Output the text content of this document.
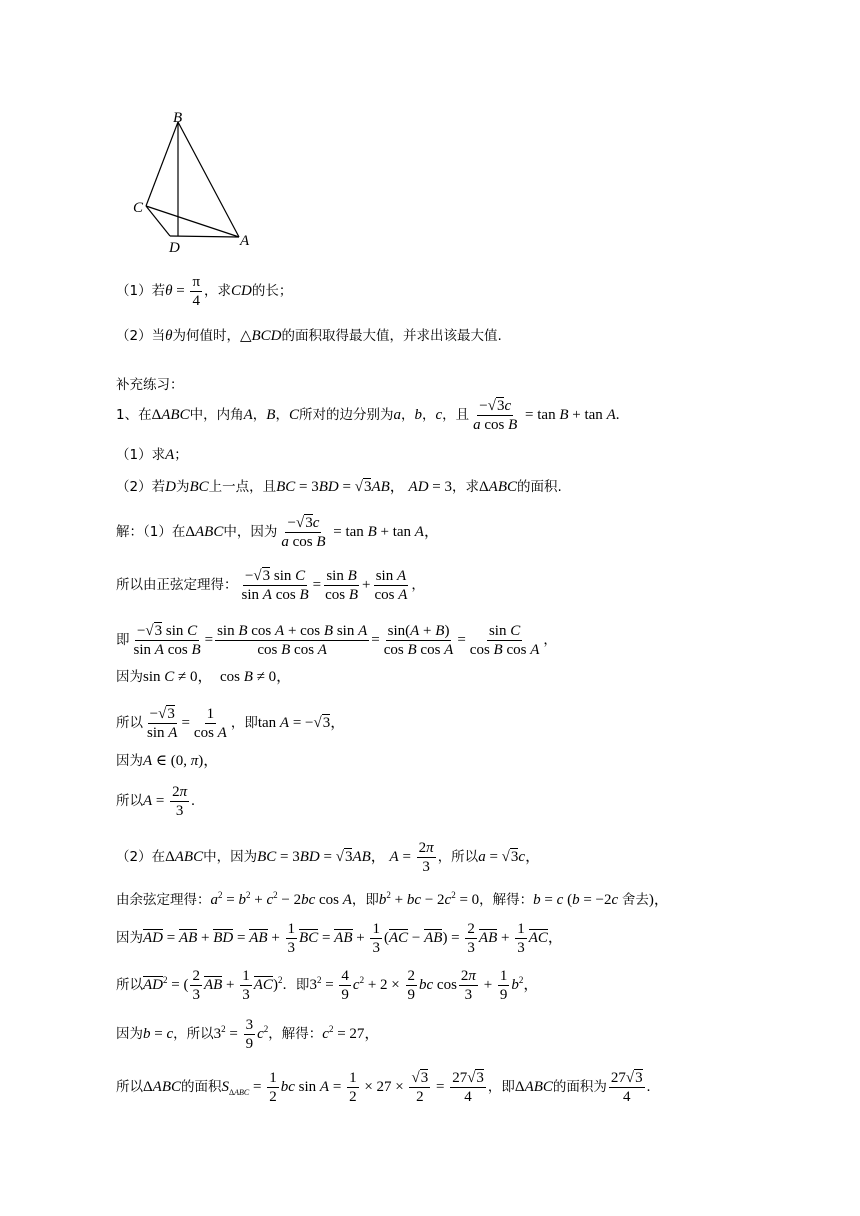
B
C
D	A
（1）若$\theta = \frac{\pi}{4}$ ，求CD的长；
（2）当θ为何值时，△BCD的面积取得最大值，并求出该最大值.
补充练习：
1、在ΔABC中，内角A，B，C所对的边分别为a，b，c，且 $\frac{-√3c}{\text{a cos B}} = \tan B + \tan A$.
（1）求A；
（2）若D为BC上一点，且BC = 3BD = √3AB， AD = 3，求ΔABC的面积.
解：（1）在ΔABC中，因为 $\frac{-√3c}{\text{a cos B}} = \tan B + \tan A$，
所以由正弦定理得： $\frac{\text{−√3 sin C}}{\text{sin A cos B}} = \frac{\text{sin B}}{\text{cos B}} + \frac{\text{sin A}}{\text{cos A}}$ ，
即 $\frac{\text{−√3 sin C}}{\text{sin A cos B}} = \frac{\text{sin B cos A + cos B sin A}}{\text{cos B cos A}} = \frac{\sin(A + B)}{\text{cos B cos A}} = \frac{\text{sin C}}{\text{cos B cos A}}$ ，
因为sin C ≠ 0，  cos B ≠ 0，
所以 $\frac{-√3}{\text{sin A}} = \frac{1}{\text{cos A}}$ ，即tan A = −√3，
因为A ∈ (0, π)，
所以$A = \frac{2\pi}{3}$ .
（2）在ΔABC中，因为BC = 3BD = √3AB， $A = \frac{2\pi}{3}$ ，所以a = √3c，
由余弦定理得：$a^2 = b^2 + c^2 - 2bc$ cos A，即$b^2$ + bc − $2c^2 = 0$，解得：b = c (b = −2c 舍去)，
因为AD = AB + BD = AB + $\frac{1}{3}$ BC = AB + $\frac{1}{3} (AC - AB) = \frac{2}{3}$ AB + $\frac{1}{3}$ AC，
所以$AD^2$ = ( $\frac{2}{3}$ AB + $\frac{1}{3} AC)^2$．即$3^2 = \frac{4}{9} c^2 + 2 \times \frac{2}{9}$ bc $\cos \frac{2\pi}{3} + \frac{1}{9} b^2$，
因为b = c，所以$3^2 = \frac{3}{9} c^2$，解得：$c^2 = 27$，
所以ΔABC的面积$S_{\Delta ABC} = \frac{1}{2}$ bc $\sin A = \frac{1}{2} \times 27 \times \frac{√3}{2} = \frac{27√3}{4}$ ，即ΔABC的面积为 $\frac{27√3}{4}$ .
